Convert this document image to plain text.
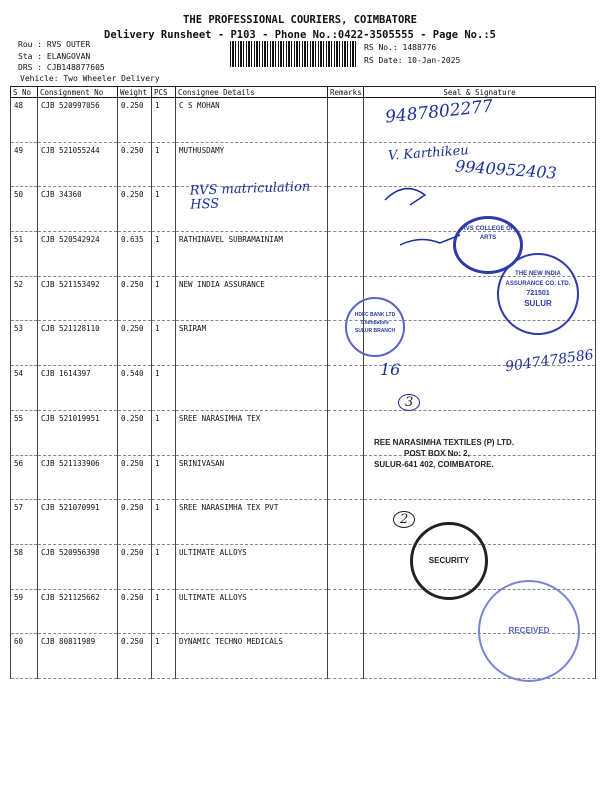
THE PROFESSIONAL COURIERS, COIMBATORE
Delivery Runsheet - P103 - Phone No.:0422-3505555 - Page No.:5
Rou : RVS OUTER
Sta : ELANGOVAN
DRS : CJB148877605
Vehicle: Two Wheeler Delivery
RS No.: 1488776
RS Date: 10-Jan-2025
S No	Consignment No	Weight	PCS	Consignee Details	Remarks	Seal & Signature
48	CJB 520997056	0.250	1	C S MOHAN		
49	CJB 521055244	0.250	1	MUTHUSDAMY		
50	CJB 34360	0.250	1			
51	CJB 520542924	0.635	1	RATHINAVEL SUBRAMAINIAM		
52	CJB 521153492	0.250	1	NEW INDIA ASSURANCE		
53	CJB 521128110	0.250	1	SRIRAM		
54	CJB 1614397	0.540	1			
55	CJB 521019951	0.250	1	SREE NARASIMHA TEX		
56	CJB 521133906	0.250	1	SRINIVASAN		
57	CJB 521070991	0.250	1	SREE NARASIMHA TEX PVT		
58	CJB 520956398	0.250	1	ULTIMATE ALLOYS		
59	CJB 521125662	0.250	1	ULTIMATE ALLOYS		
60	CJB 80811989	0.250	1	DYNAMIC TECHNO MEDICALS		
9487802277
V. Karthikeu
9940952403
RVS matriculation HSS
16	9047478586
3
2
RVS COLLEGE OF ARTS
THE NEW INDIA ASSURANCE CO. LTD.
721501
SULUR
HDFC BANK LTD
Coimbatore
SULUR BRANCH
REE NARASIMHA TEXTILES (P) LTD.
POST BOX No: 2,
SULUR-641 402, COIMBATORE.
SECURITY
RECEIVED
